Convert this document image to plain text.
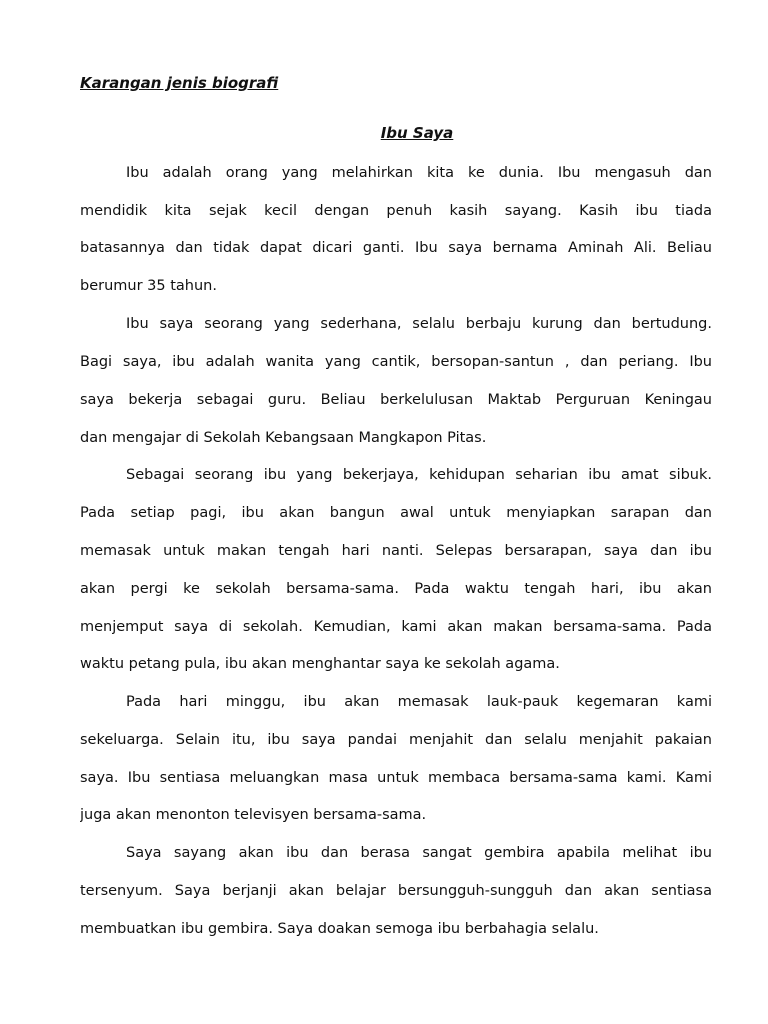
Karangan jenis biografi
Ibu Saya
Ibu adalah orang yang melahirkan kita ke dunia. Ibu mengasuh dan
mendidik kita sejak kecil dengan penuh kasih sayang. Kasih ibu tiada
batasannya dan tidak dapat dicari ganti. Ibu saya bernama Aminah Ali. Beliau
berumur 35 tahun.
Ibu saya seorang yang sederhana, selalu berbaju kurung dan bertudung.
Bagi saya, ibu adalah wanita yang cantik, bersopan-santun , dan periang. Ibu
saya bekerja sebagai guru. Beliau berkelulusan Maktab Perguruan Keningau
dan mengajar di Sekolah Kebangsaan Mangkapon Pitas.
Sebagai seorang ibu yang bekerjaya, kehidupan seharian ibu amat sibuk.
Pada setiap pagi, ibu akan bangun awal untuk menyiapkan sarapan dan
memasak untuk makan tengah hari nanti. Selepas bersarapan, saya dan ibu
akan pergi ke sekolah bersama-sama. Pada waktu tengah hari, ibu akan
menjemput saya di sekolah. Kemudian, kami akan makan bersama-sama. Pada
waktu petang pula, ibu akan menghantar saya ke sekolah agama.
Pada hari minggu, ibu akan memasak lauk-pauk kegemaran kami
sekeluarga. Selain itu, ibu saya pandai menjahit dan selalu menjahit pakaian
saya. Ibu sentiasa meluangkan masa untuk membaca bersama-sama kami. Kami
juga akan menonton televisyen bersama-sama.
Saya sayang akan ibu dan berasa sangat gembira apabila melihat ibu
tersenyum. Saya berjanji akan belajar bersungguh-sungguh dan akan sentiasa
membuatkan ibu gembira. Saya doakan semoga ibu berbahagia selalu.
